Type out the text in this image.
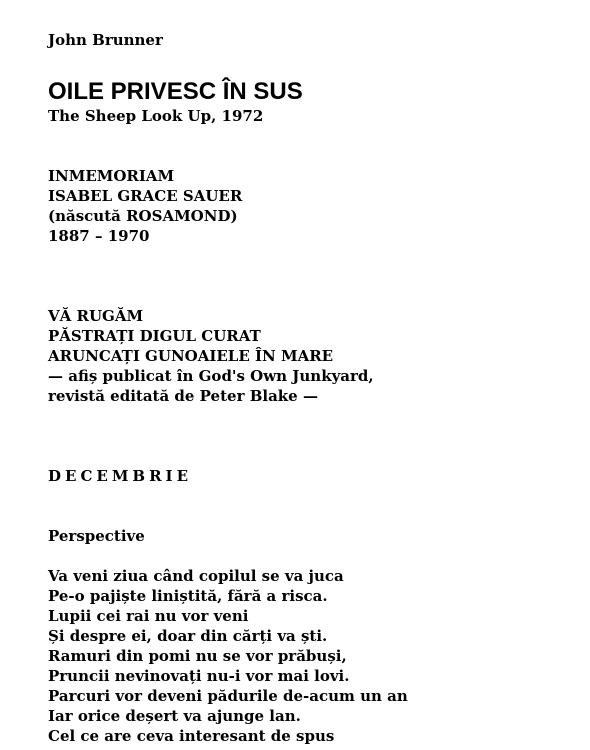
John Brunner
OILE PRIVESC ÎN SUS
The Sheep Look Up, 1972
INMEMORIAM
ISABEL GRACE SAUER
(născută ROSAMOND)
1887 – 1970
VĂ RUGĂM
PĂSTRAȚI DIGUL CURAT
ARUNCAȚI GUNOAIELE ÎN MARE
— afiș publicat în God's Own Junkyard,
revistă editată de Peter Blake —
DECEMBRIE
Perspective
Va veni ziua când copilul se va juca
Pe-o pajiște liniștită, fără a risca.
Lupii cei rai nu vor veni
Și despre ei, doar din cărți va ști.
Ramuri din pomi nu se vor prăbuși,
Pruncii nevinovați nu-i vor mai lovi.
Parcuri vor deveni pădurile de-acum un an
Iar orice deșert va ajunge lan.
Cel ce are ceva interesant de spus
